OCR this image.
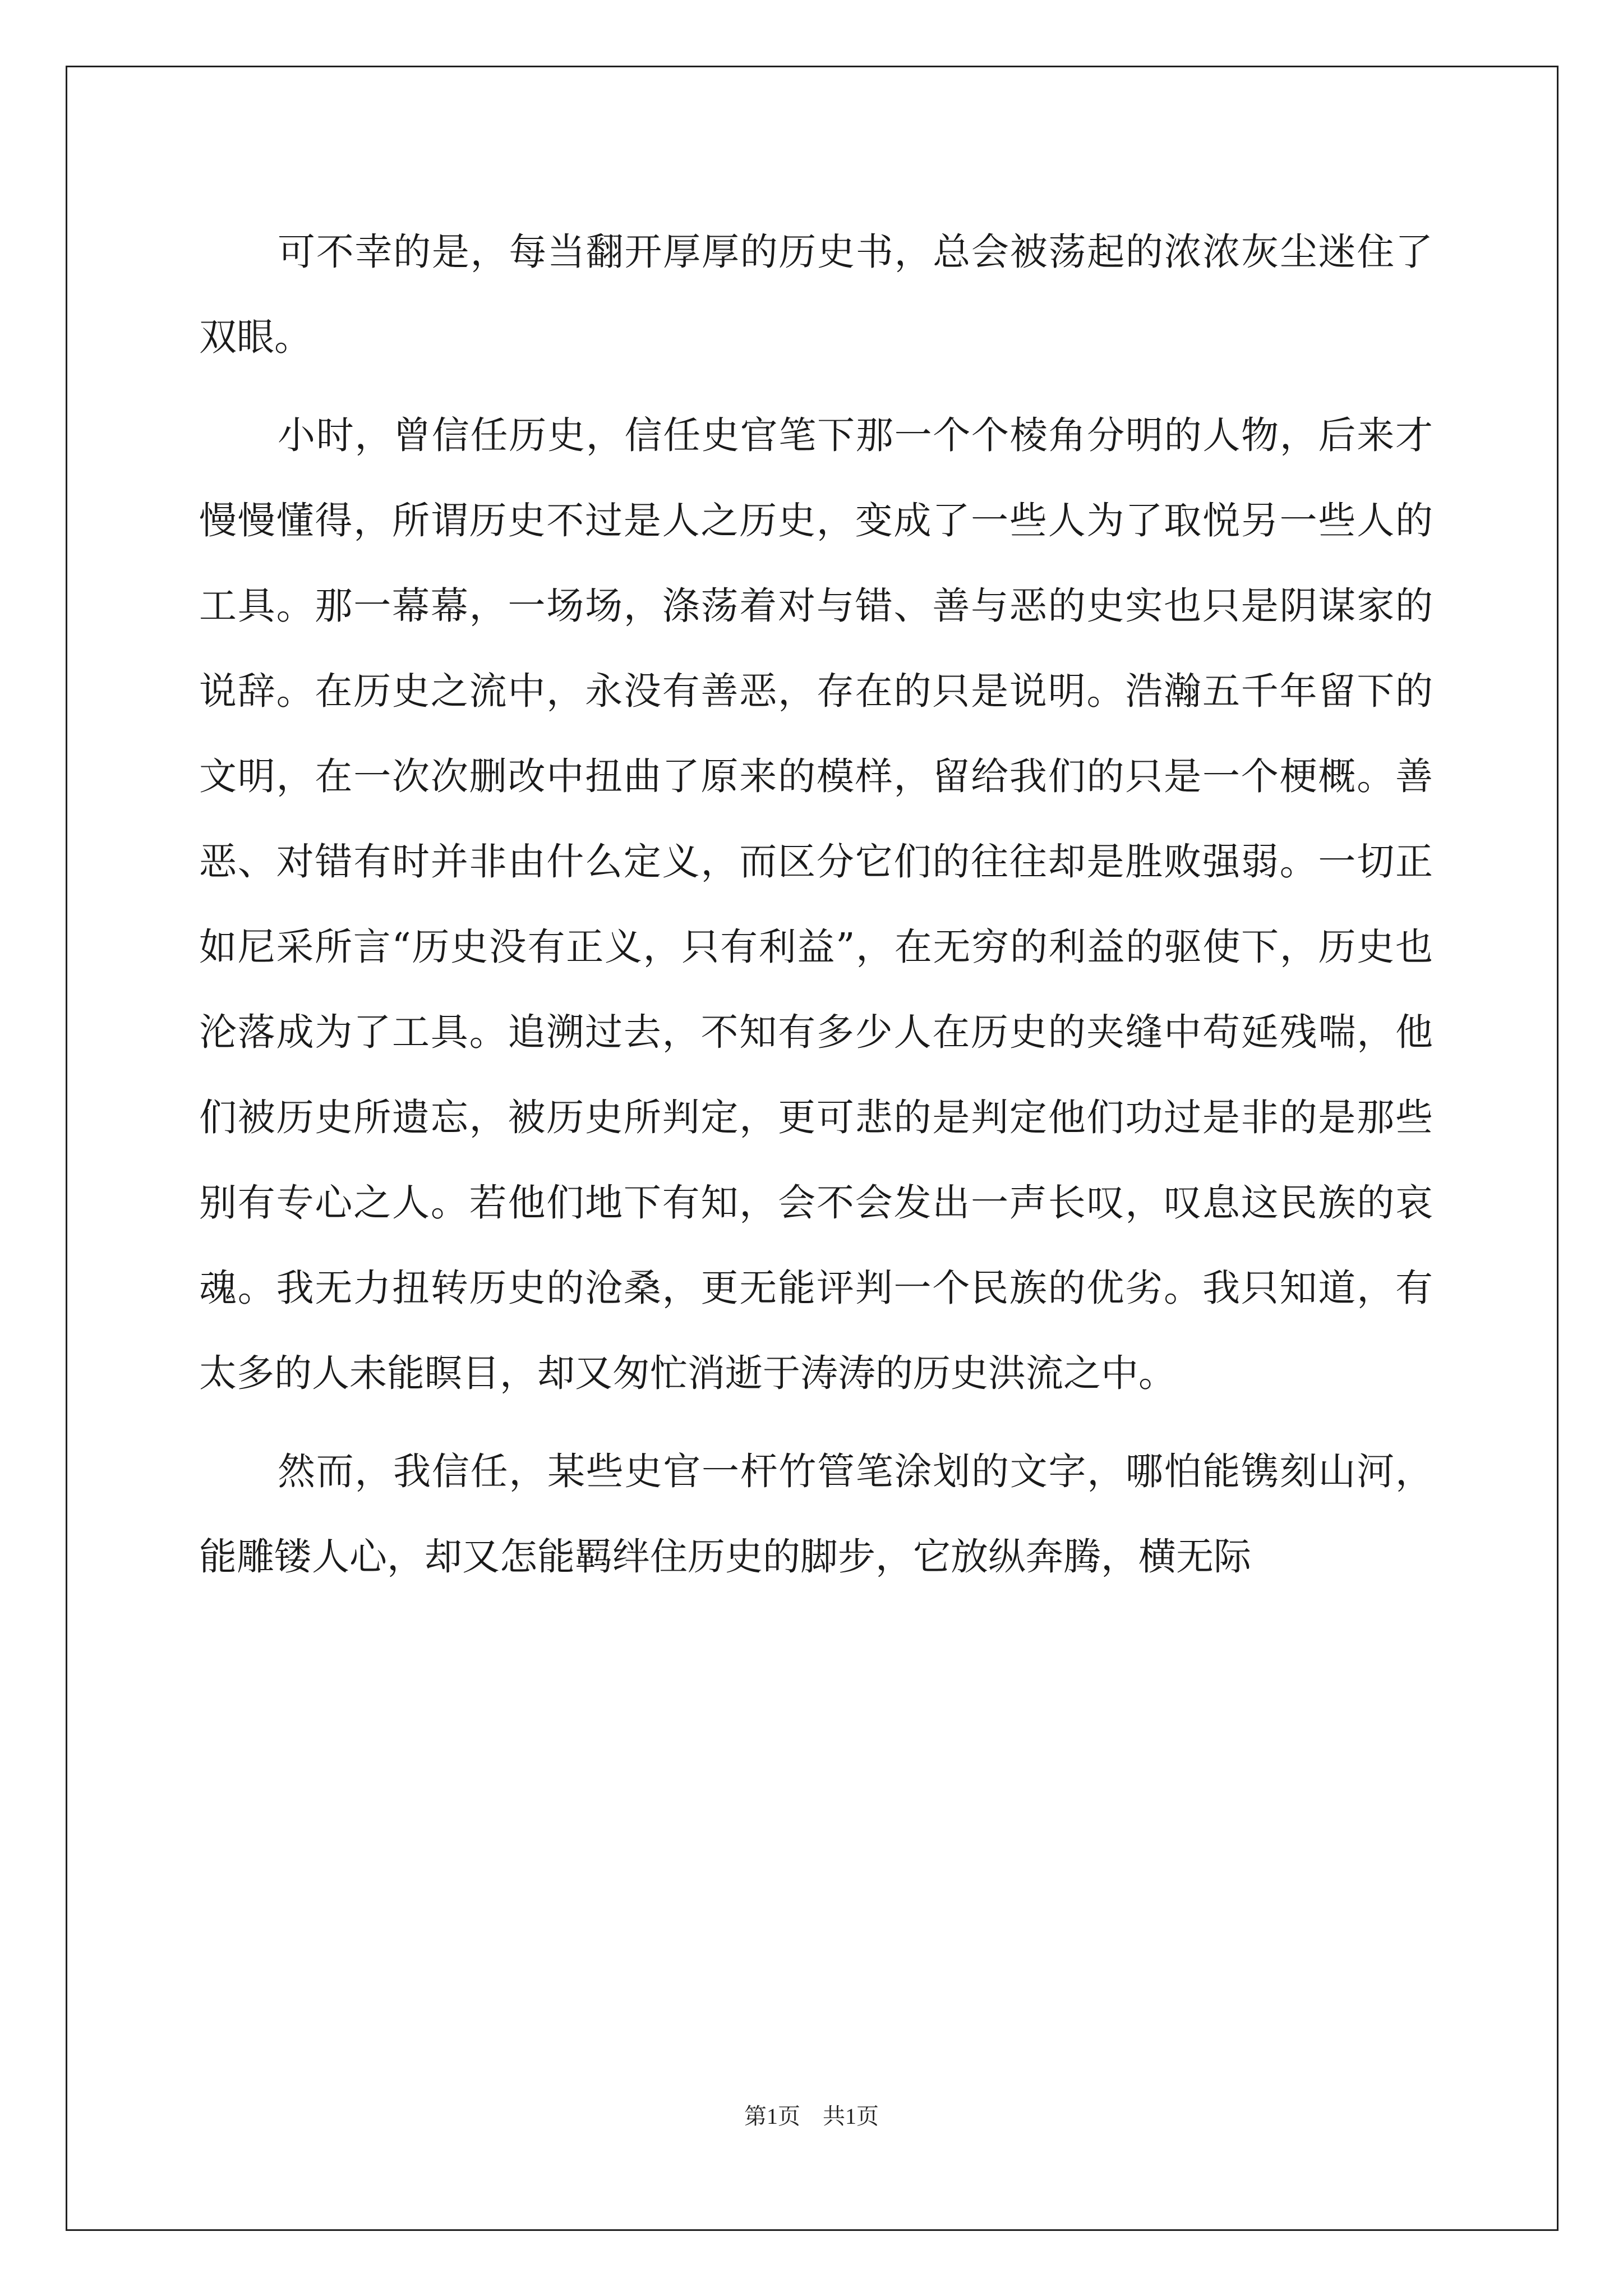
可不幸的是，每当翻开厚厚的历史书，总会被荡起的浓浓灰尘迷住了双眼。

小时，曾信任历史，信任史官笔下那一个个棱角分明的人物，后来才慢慢懂得，所谓历史不过是人之历史，变成了一些人为了取悦另一些人的工具。那一幕幕，一场场，涤荡着对与错、善与恶的史实也只是阴谋家的说辞。在历史之流中，永没有善恶，存在的只是说明。浩瀚五千年留下的文明，在一次次删改中扭曲了原来的模样，留给我们的只是一个梗概。善恶、对错有时并非由什么定义，而区分它们的往往却是胜败强弱。一切正如尼采所言“历史没有正义，只有利益”，在无穷的利益的驱使下，历史也沦落成为了工具。追溯过去，不知有多少人在历史的夹缝中苟延残喘，他们被历史所遗忘，被历史所判定，更可悲的是判定他们功过是非的是那些别有专心之人。若他们地下有知，会不会发出一声长叹，叹息这民族的哀魂。我无力扭转历史的沧桑，更无能评判一个民族的优劣。我只知道，有太多的人未能瞑目，却又匆忙消逝于涛涛的历史洪流之中。

然而，我信任，某些史官一杆竹管笔涂划的文字，哪怕能镌刻山河，能雕镂人心，却又怎能羁绊住历史的脚步，它放纵奔腾，横无际

第1页　共1页
